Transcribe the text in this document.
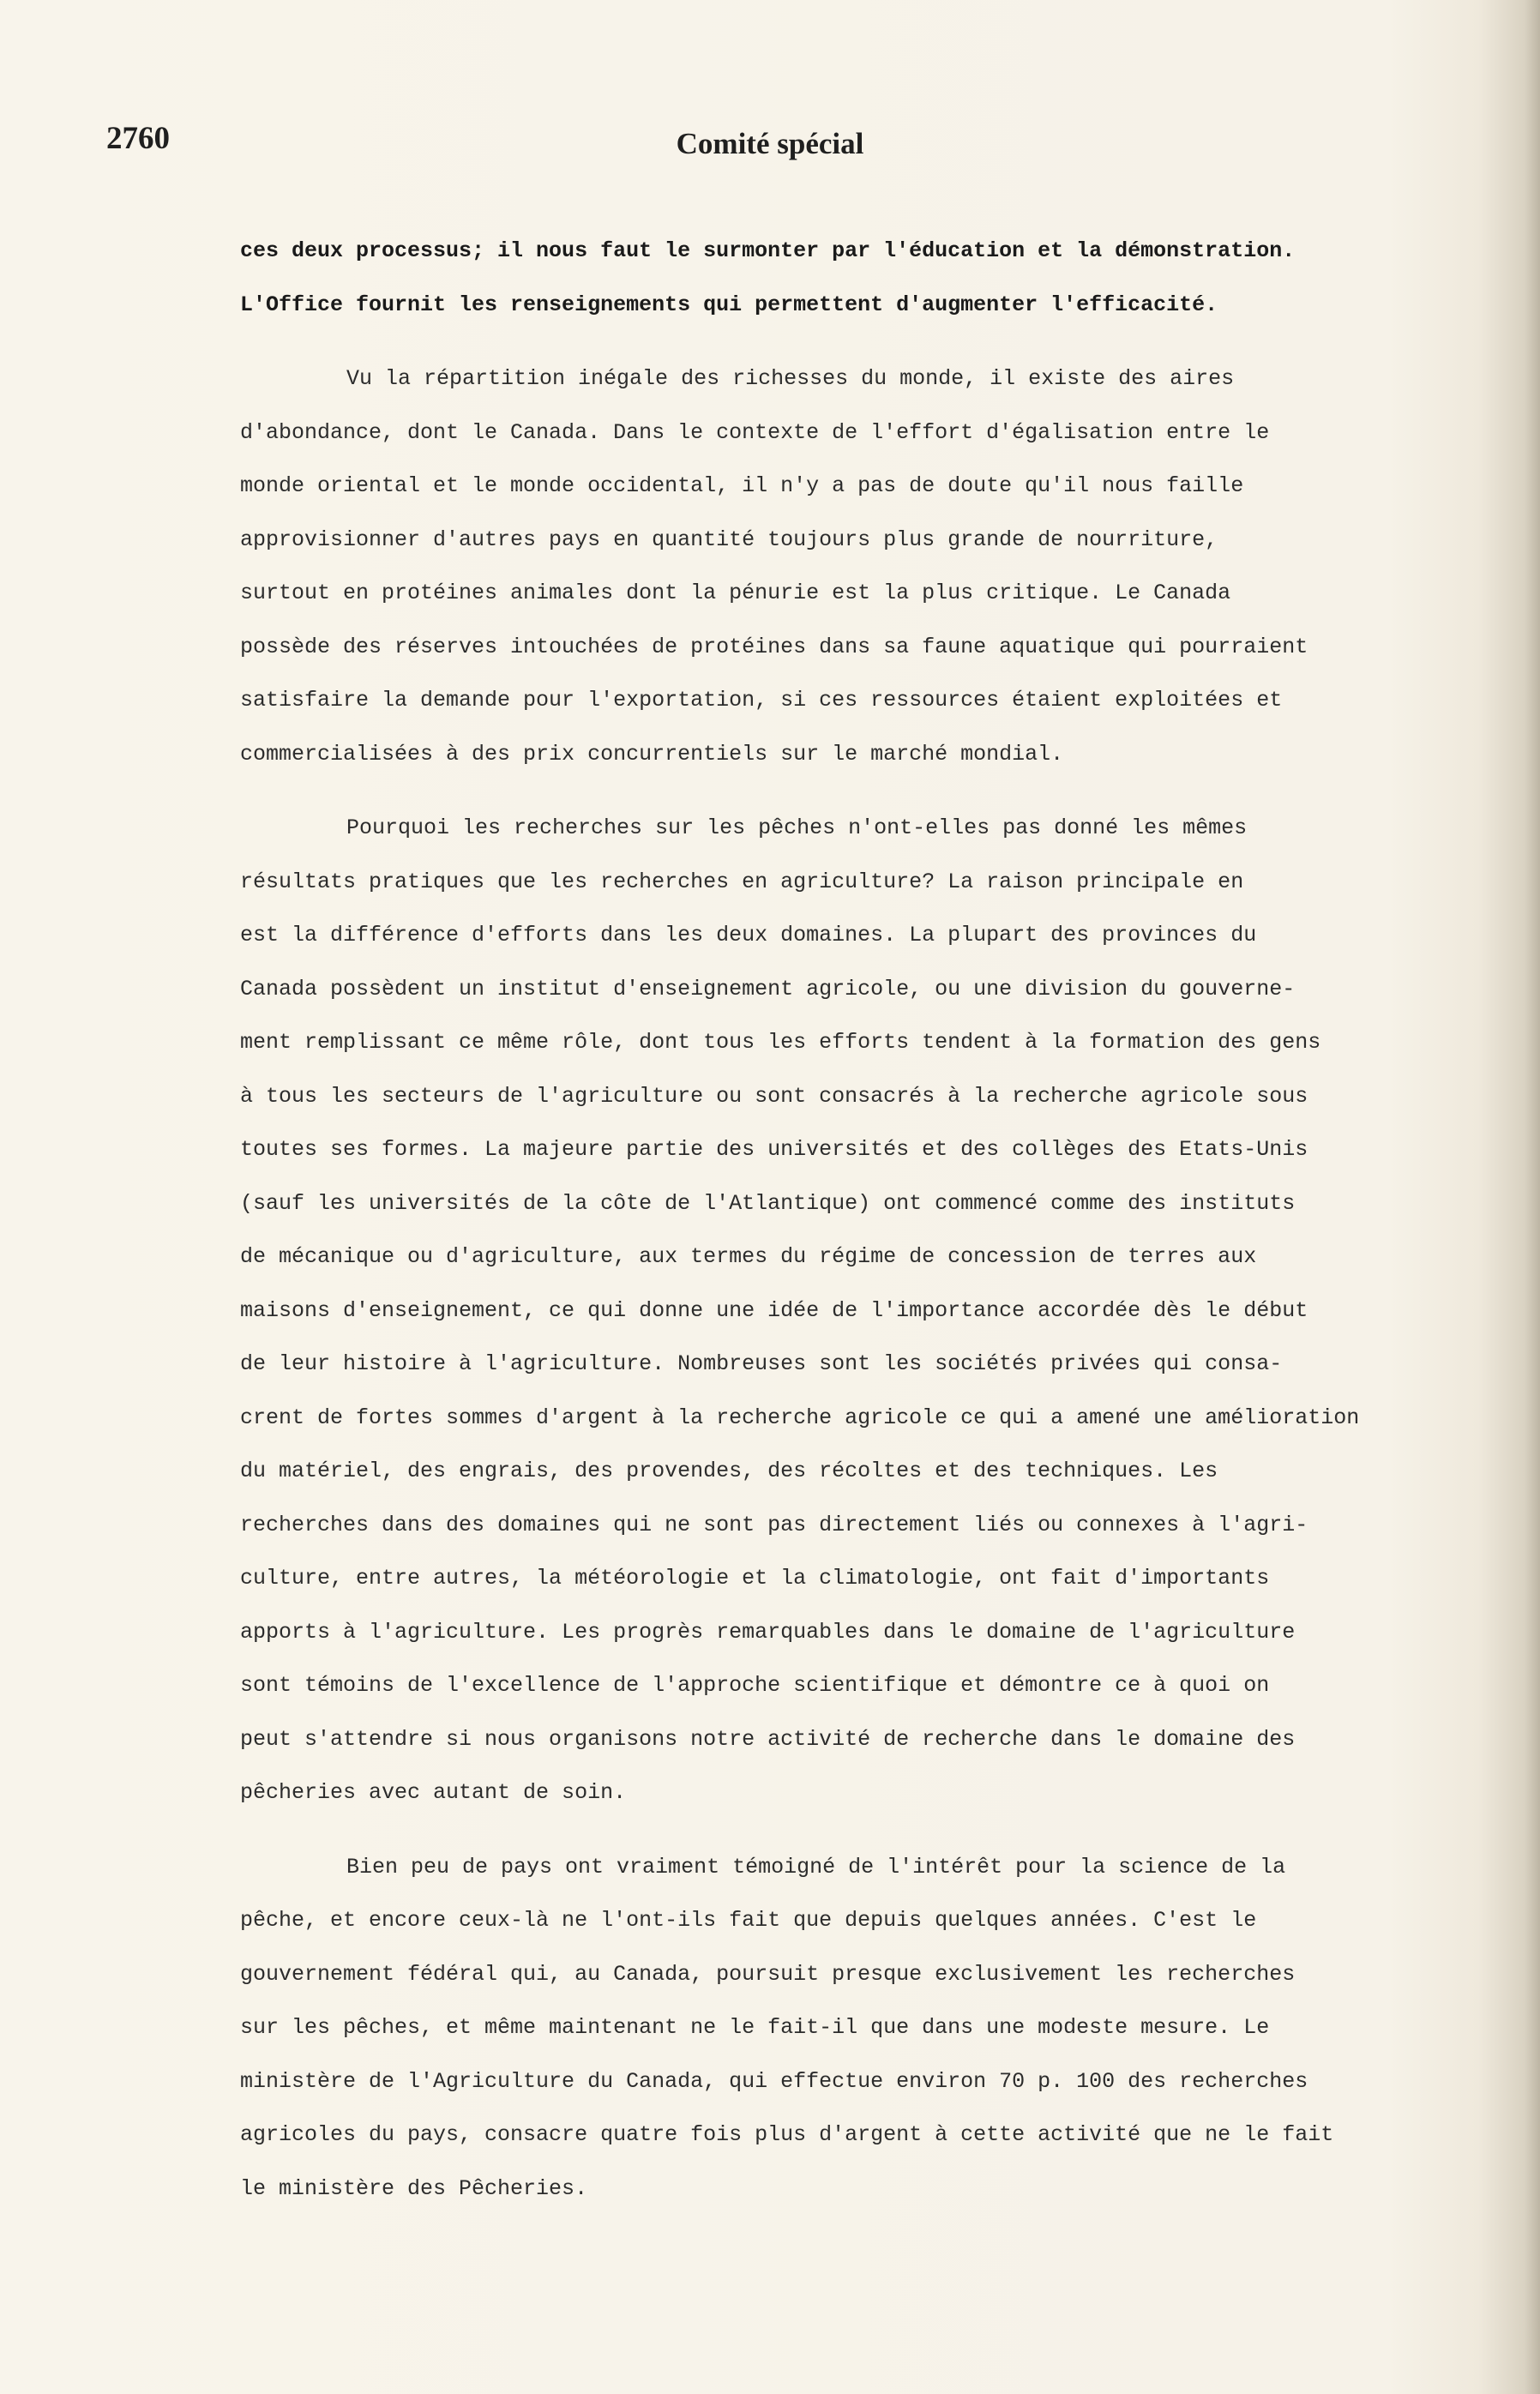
2760	Comité spécial
ces deux processus; il nous faut le surmonter par l'éducation et la démonstration.
L'Office fournit les renseignements qui permettent d'augmenter l'efficacité.
Vu la répartition inégale des richesses du monde, il existe des aires
d'abondance, dont le Canada. Dans le contexte de l'effort d'égalisation entre le
monde oriental et le monde occidental, il n'y a pas de doute qu'il nous faille
approvisionner d'autres pays en quantité toujours plus grande de nourriture,
surtout en protéines animales dont la pénurie est la plus critique. Le Canada
possède des réserves intouchées de protéines dans sa faune aquatique qui pourraient
satisfaire la demande pour l'exportation, si ces ressources étaient exploitées et
commercialisées à des prix concurrentiels sur le marché mondial.
Pourquoi les recherches sur les pêches n'ont-elles pas donné les mêmes
résultats pratiques que les recherches en agriculture? La raison principale en
est la différence d'efforts dans les deux domaines. La plupart des provinces du
Canada possèdent un institut d'enseignement agricole, ou une division du gouverne-
ment remplissant ce même rôle, dont tous les efforts tendent à la formation des gens
à tous les secteurs de l'agriculture ou sont consacrés à la recherche agricole sous
toutes ses formes. La majeure partie des universités et des collèges des Etats-Unis
(sauf les universités de la côte de l'Atlantique) ont commencé comme des instituts
de mécanique ou d'agriculture, aux termes du régime de concession de terres aux
maisons d'enseignement, ce qui donne une idée de l'importance accordée dès le début
de leur histoire à l'agriculture. Nombreuses sont les sociétés privées qui consa-
crent de fortes sommes d'argent à la recherche agricole ce qui a amené une amélioration
du matériel, des engrais, des provendes, des récoltes et des techniques. Les
recherches dans des domaines qui ne sont pas directement liés ou connexes à l'agri-
culture, entre autres, la météorologie et la climatologie, ont fait d'importants
apports à l'agriculture. Les progrès remarquables dans le domaine de l'agriculture
sont témoins de l'excellence de l'approche scientifique et démontre ce à quoi on
peut s'attendre si nous organisons notre activité de recherche dans le domaine des
pêcheries avec autant de soin.
Bien peu de pays ont vraiment témoigné de l'intérêt pour la science de la
pêche, et encore ceux-là ne l'ont-ils fait que depuis quelques années. C'est le
gouvernement fédéral qui, au Canada, poursuit presque exclusivement les recherches
sur les pêches, et même maintenant ne le fait-il que dans une modeste mesure. Le
ministère de l'Agriculture du Canada, qui effectue environ 70 p. 100 des recherches
agricoles du pays, consacre quatre fois plus d'argent à cette activité que ne le fait
le ministère des Pêcheries.
